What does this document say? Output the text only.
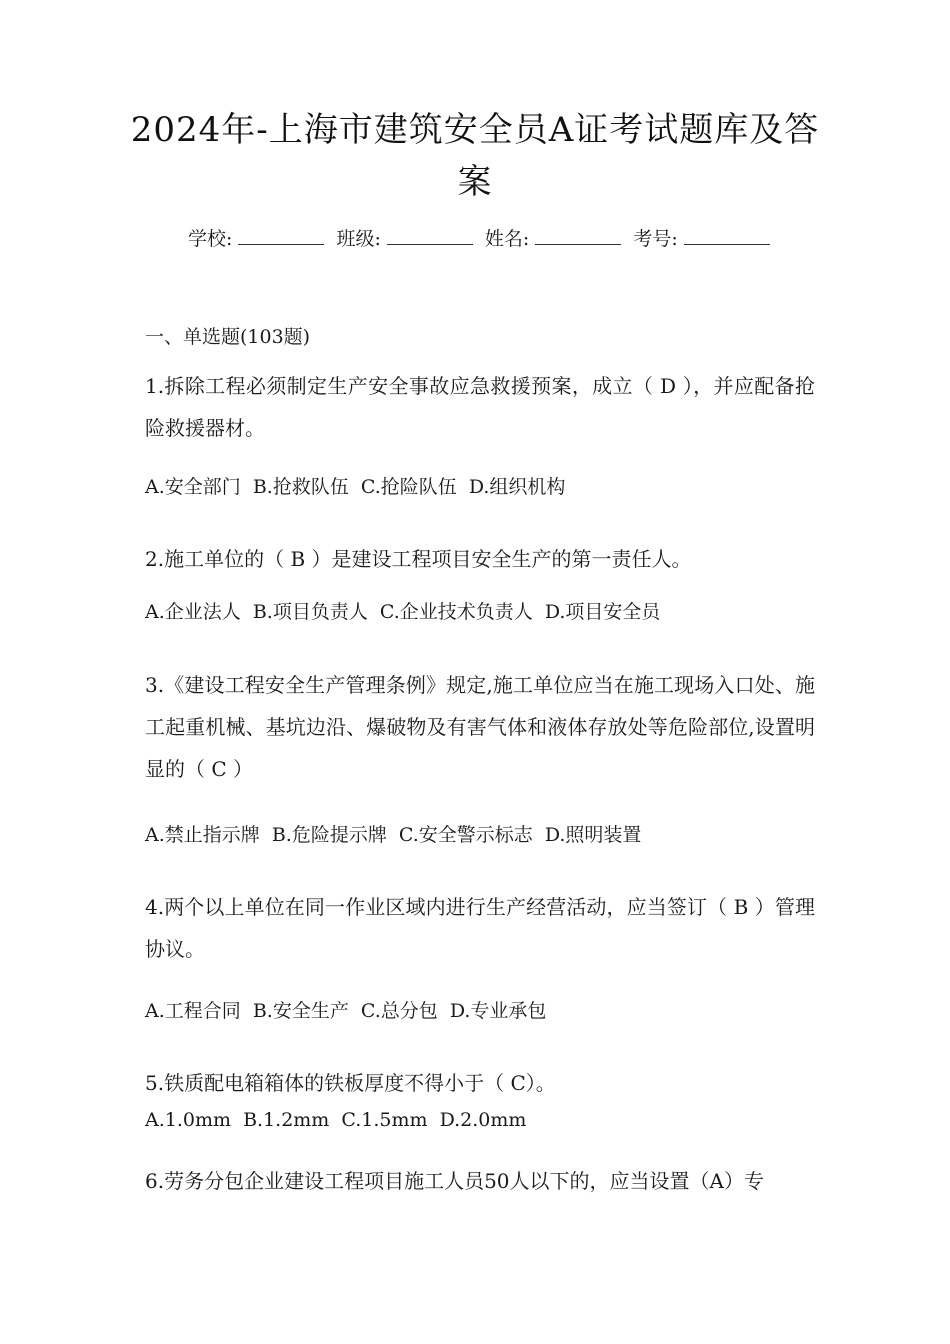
2024年-上海市建筑安全员A证考试题库及答案
学校:	班级:	姓名:	考号:
一、单选题(103题)
1.拆除工程必须制定生产安全事故应急救援预案，成立（ D ），并应配备抢险救援器材。
A.安全部门 B.抢救队伍 C.抢险队伍 D.组织机构
2.施工单位的（ B ）是建设工程项目安全生产的第一责任人。
A.企业法人 B.项目负责人 C.企业技术负责人 D.项目安全员
3.《建设工程安全生产管理条例》规定,施工单位应当在施工现场入口处、施工起重机械、基坑边沿、爆破物及有害气体和液体存放处等危险部位,设置明显的（ C ）
A.禁止指示牌 B.危险提示牌 C.安全警示标志 D.照明装置
4.两个以上单位在同一作业区域内进行生产经营活动，应当签订（ B ）管理协议。
A.工程合同 B.安全生产 C.总分包 D.专业承包
5.铁质配电箱箱体的铁板厚度不得小于（ C）。
A.1.0mm B.1.2mm C.1.5mm D.2.0mm
6.劳务分包企业建设工程项目施工人员50人以下的，应当设置（A）专
